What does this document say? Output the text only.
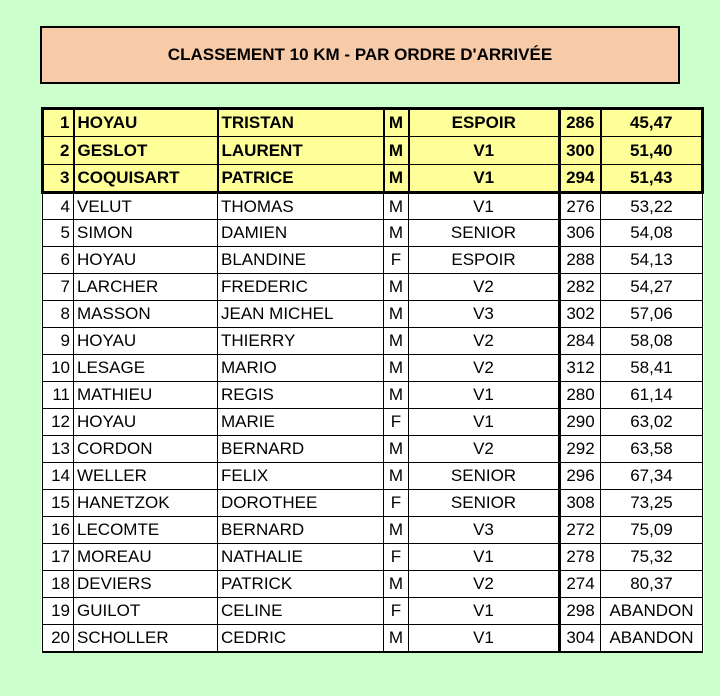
CLASSEMENT 10 KM - PAR ORDRE D'ARRIVÉE
1	HOYAU	TRISTAN	M	ESPOIR	286	45,47
2	GESLOT	LAURENT	M	V1	300	51,40
3	COQUISART	PATRICE	M	V1	294	51,43
4	VELUT	THOMAS	M	V1	276	53,22
5	SIMON	DAMIEN	M	SENIOR	306	54,08
6	HOYAU	BLANDINE	F	ESPOIR	288	54,13
7	LARCHER	FREDERIC	M	V2	282	54,27
8	MASSON	JEAN MICHEL	M	V3	302	57,06
9	HOYAU	THIERRY	M	V2	284	58,08
10	LESAGE	MARIO	M	V2	312	58,41
11	MATHIEU	REGIS	M	V1	280	61,14
12	HOYAU	MARIE	F	V1	290	63,02
13	CORDON	BERNARD	M	V2	292	63,58
14	WELLER	FELIX	M	SENIOR	296	67,34
15	HANETZOK	DOROTHEE	F	SENIOR	308	73,25
16	LECOMTE	BERNARD	M	V3	272	75,09
17	MOREAU	NATHALIE	F	V1	278	75,32
18	DEVIERS	PATRICK	M	V2	274	80,37
19	GUILOT	CELINE	F	V1	298	ABANDON
20	SCHOLLER	CEDRIC	M	V1	304	ABANDON
